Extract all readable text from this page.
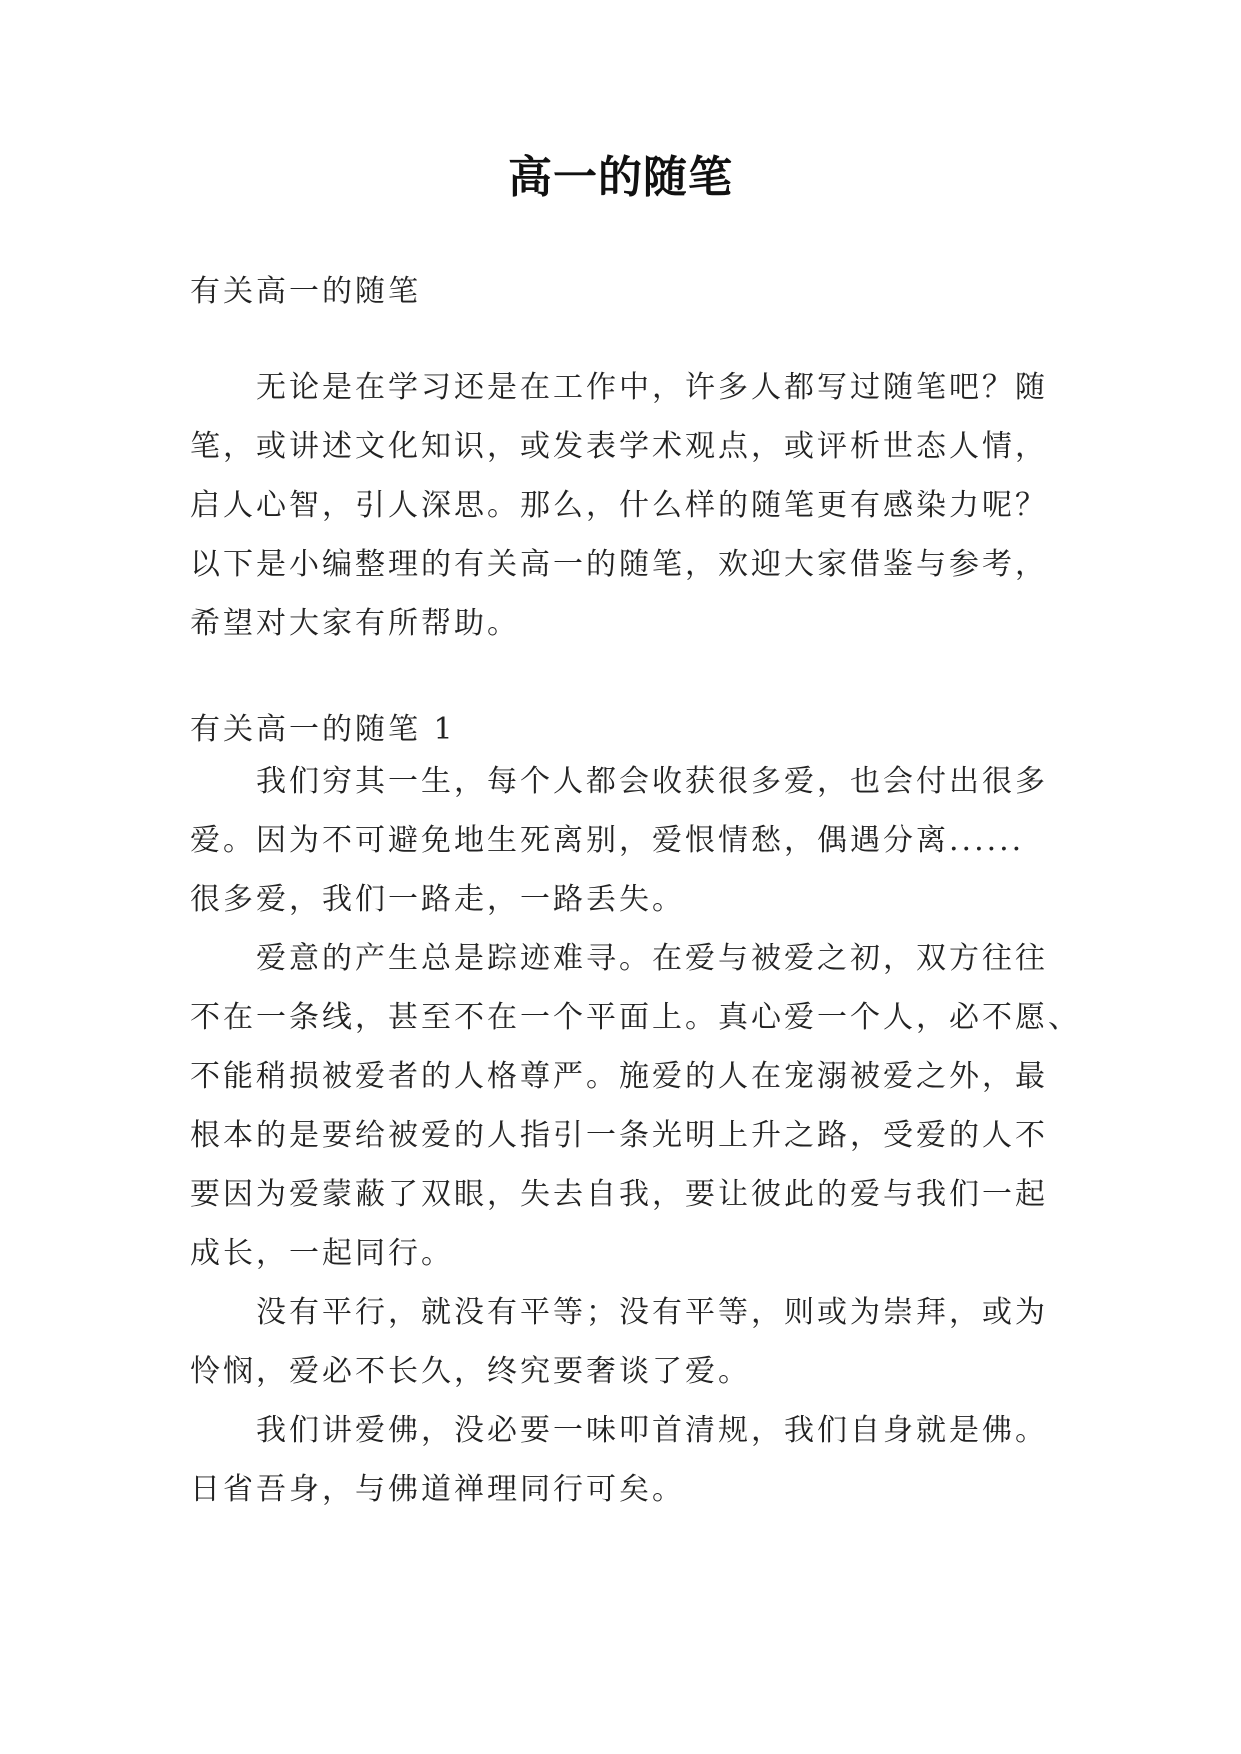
高一的随笔

有关高一的随笔

无论是在学习还是在工作中，许多人都写过随笔吧？随
笔，或讲述文化知识，或发表学术观点，或评析世态人情，
启人心智，引人深思。那么，什么样的随笔更有感染力呢？
以下是小编整理的有关高一的随笔，欢迎大家借鉴与参考，
希望对大家有所帮助。

有关高一的随笔 1

我们穷其一生，每个人都会收获很多爱，也会付出很多
爱。因为不可避免地生死离别，爱恨情愁，偶遇分离......
很多爱，我们一路走，一路丢失。
爱意的产生总是踪迹难寻。在爱与被爱之初，双方往往
不在一条线，甚至不在一个平面上。真心爱一个人，必不愿、
不能稍损被爱者的人格尊严。施爱的人在宠溺被爱之外，最
根本的是要给被爱的人指引一条光明上升之路，受爱的人不
要因为爱蒙蔽了双眼，失去自我，要让彼此的爱与我们一起
成长，一起同行。
没有平行，就没有平等；没有平等，则或为崇拜，或为
怜悯，爱必不长久，终究要奢谈了爱。
我们讲爱佛，没必要一味叩首清规，我们自身就是佛。
日省吾身，与佛道禅理同行可矣。
